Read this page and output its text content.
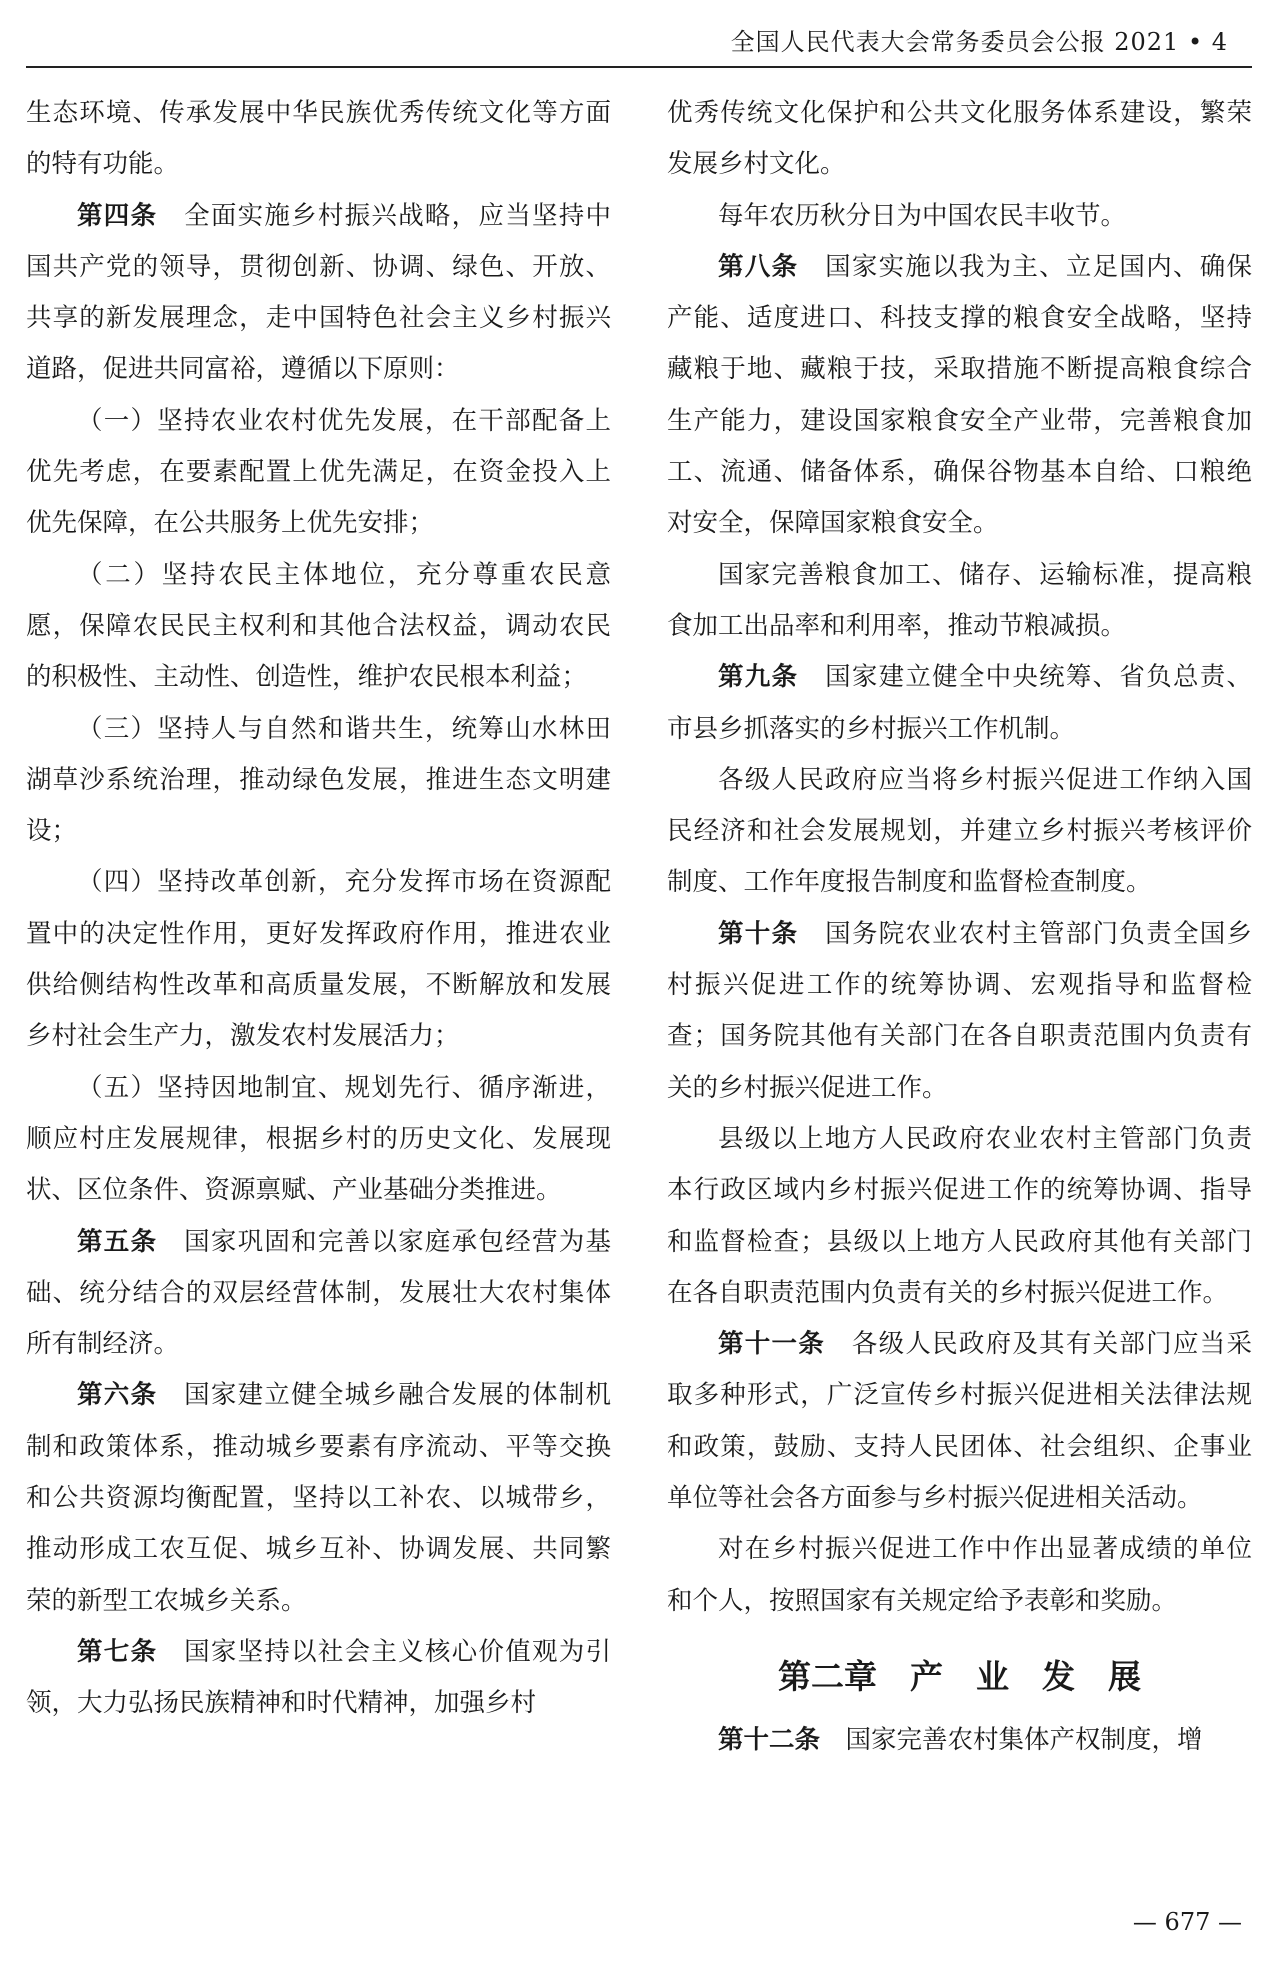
全国人民代表大会常务委员会公报 2021 • 4

生态环境、传承发展中华民族优秀传统文化等方面的特有功能。

第四条　 全面实施乡村振兴战略，应当坚持中国共产党的领导，贯彻创新、协调、绿色、开放、共享的新发展理念，走中国特色社会主义乡村振兴道路，促进共同富裕，遵循以下原则：

（一）坚持农业农村优先发展，在干部配备上优先考虑，在要素配置上优先满足，在资金投入上优先保障，在公共服务上优先安排；

（二）坚持农民主体地位，充分尊重农民意愿，保障农民民主权利和其他合法权益，调动农民的积极性、主动性、创造性，维护农民根本利益；

（三）坚持人与自然和谐共生，统筹山水林田湖草沙系统治理，推动绿色发展，推进生态文明建设；

（四）坚持改革创新，充分发挥市场在资源配置中的决定性作用，更好发挥政府作用，推进农业供给侧结构性改革和高质量发展，不断解放和发展乡村社会生产力，激发农村发展活力；

（五）坚持因地制宜、规划先行、循序渐进，顺应村庄发展规律，根据乡村的历史文化、发展现状、区位条件、资源禀赋、产业基础分类推进。

第五条　 国家巩固和完善以家庭承包经营为基础、统分结合的双层经营体制，发展壮大农村集体所有制经济。

第六条　 国家建立健全城乡融合发展的体制机制和政策体系，推动城乡要素有序流动、平等交换和公共资源均衡配置，坚持以工补农、以城带乡，推动形成工农互促、城乡互补、协调发展、共同繁荣的新型工农城乡关系。

第七条　 国家坚持以社会主义核心价值观为引领，大力弘扬民族精神和时代精神，加强乡村

优秀传统文化保护和公共文化服务体系建设，繁荣发展乡村文化。

每年农历秋分日为中国农民丰收节。

第八条　 国家实施以我为主、立足国内、确保产能、适度进口、科技支撑的粮食安全战略，坚持藏粮于地、藏粮于技，采取措施不断提高粮食综合生产能力，建设国家粮食安全产业带，完善粮食加工、流通、储备体系，确保谷物基本自给、口粮绝对安全，保障国家粮食安全。

国家完善粮食加工、储存、运输标准，提高粮食加工出品率和利用率，推动节粮减损。

第九条　 国家建立健全中央统筹、省负总责、市县乡抓落实的乡村振兴工作机制。

各级人民政府应当将乡村振兴促进工作纳入国民经济和社会发展规划，并建立乡村振兴考核评价制度、工作年度报告制度和监督检查制度。

第十条　 国务院农业农村主管部门负责全国乡村振兴促进工作的统筹协调、宏观指导和监督检查；国务院其他有关部门在各自职责范围内负责有关的乡村振兴促进工作。

县级以上地方人民政府农业农村主管部门负责本行政区域内乡村振兴促进工作的统筹协调、指导和监督检查；县级以上地方人民政府其他有关部门在各自职责范围内负责有关的乡村振兴促进工作。

第十一条　 各级人民政府及其有关部门应当采取多种形式，广泛宣传乡村振兴促进相关法律法规和政策，鼓励、支持人民团体、社会组织、企事业单位等社会各方面参与乡村振兴促进相关活动。

对在乡村振兴促进工作中作出显著成绩的单位和个人，按照国家有关规定给予表彰和奖励。

第二章　产　业　发　展

第十二条　 国家完善农村集体产权制度，增

— 677 —
